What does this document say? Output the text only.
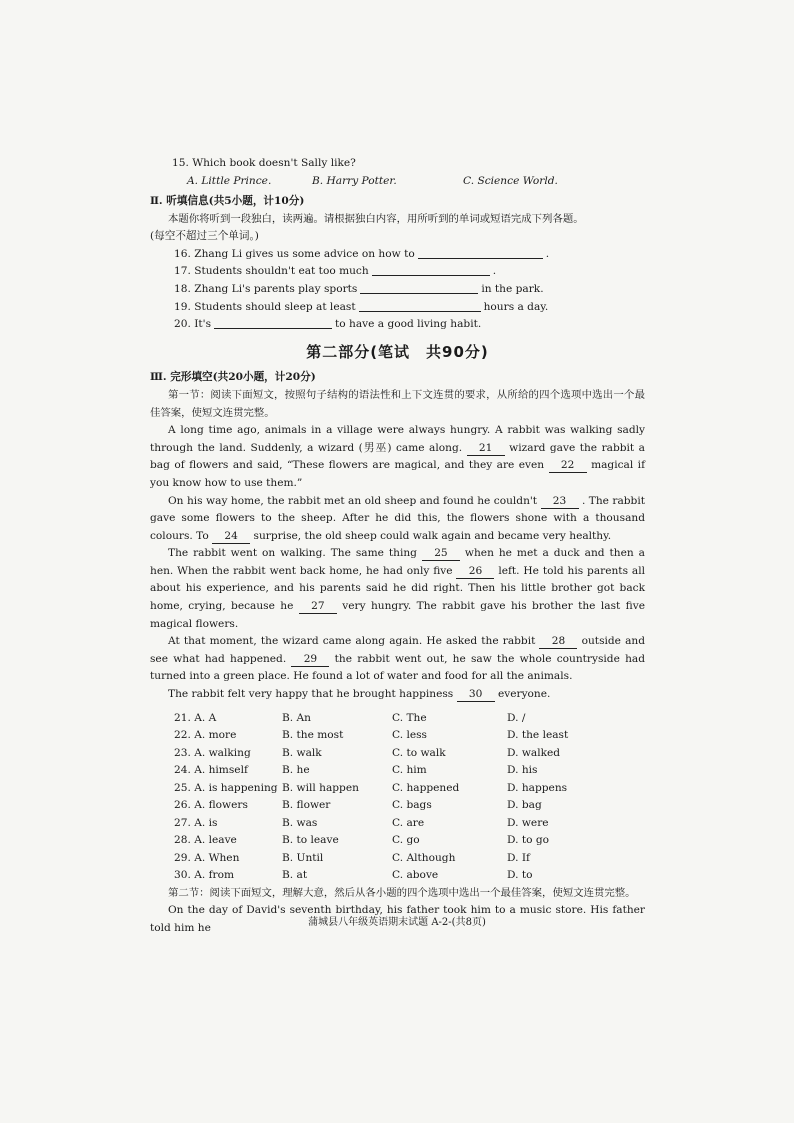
15. Which book doesn't Sally like?
A. Little Prince.	B. Harry Potter.	C. Science World.
Ⅱ. 听填信息(共5小题，计10分)
本题你将听到一段独白，读两遍。请根据独白内容，用所听到的单词或短语完成下列各题。
(每空不超过三个单词。)
16. Zhang Li gives us some advice on how to	.
17. Students shouldn't eat too much	.
18. Zhang Li's parents play sports	in the park.
19. Students should sleep at least	hours a day.
20. It's	to have a good living habit.
第二部分(笔试　共90分)
Ⅲ. 完形填空(共20小题，计20分)

第一节：阅读下面短文，按照句子结构的语法性和上下文连贯的要求，从所给的四个选项中选出一个最佳答案，使短文连贯完整。

A long time ago, animals in a village were always hungry. A rabbit was walking sadly through the land. Suddenly, a wizard (男巫) came along. 21 wizard gave the rabbit a bag of flowers and said, “These flowers are magical, and they are even 22 magical if you know how to use them.”

On his way home, the rabbit met an old sheep and found he couldn't 23 . The rabbit gave some flowers to the sheep. After he did this, the flowers shone with a thousand colours. To 24 surprise, the old sheep could walk again and became very healthy.

The rabbit went on walking. The same thing 25 when he met a duck and then a hen. When the rabbit went back home, he had only five 26 left. He told his parents all about his experience, and his parents said he did right. Then his little brother got back home, crying, because he 27 very hungry. The rabbit gave his brother the last five magical flowers.

At that moment, the wizard came along again. He asked the rabbit 28 outside and see what had happened. 29 the rabbit went out, he saw the whole countryside had turned into a green place. He found a lot of water and food for all the animals.

The rabbit felt very happy that he brought happiness 30 everyone.

21. A. A	B. An	C. The	D. /
22. A. more	B. the most	C. less	D. the least
23. A. walking	B. walk	C. to walk	D. walked
24. A. himself	B. he	C. him	D. his
25. A. is happening B. will happen	C. happened	D. happens
26. A. flowers	B. flower	C. bags	D. bag
27. A. is	B. was	C. are	D. were
28. A. leave	B. to leave	C. go	D. to go
29. A. When	B. Until	C. Although	D. If
30. A. from	B. at	C. above	D. to

第二节：阅读下面短文，理解大意，然后从各小题的四个选项中选出一个最佳答案，使短文连贯完整。

On the day of David's seventh birthday, his father took him to a music store. His father told him he	蒲城县八年级英语期末试题 A-2-(共8页)
